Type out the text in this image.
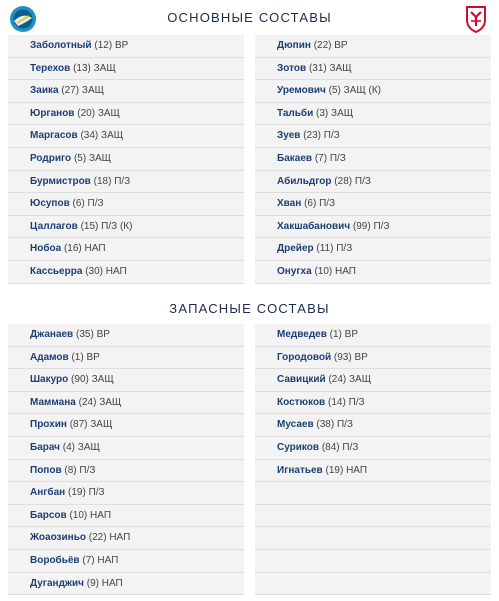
ОСНОВНЫЕ СОСТАВЫ
Заболотный (12) ВР
Терехов (13) ЗАЩ
Заика (27) ЗАЩ
Юрганов (20) ЗАЩ
Маргасов (34) ЗАЩ
Родриго (5) ЗАЩ
Бурмистров (18) П/З
Юсупов (6) П/З
Цаллагов (15) П/З (К)
Нобоа (16) НАП
Кассьерра (30) НАП
Дюпин (22) ВР
Зотов (31) ЗАЩ
Уремович (5) ЗАЩ (К)
Тальби (3) ЗАЩ
Зуев (23) П/З
Бакаев (7) П/З
Абильдгор (28) П/З
Хван (6) П/З
Хакшабанович (99) П/З
Дрейер (11) П/З
Онугха (10) НАП
ЗАПАСНЫЕ СОСТАВЫ
Джанаев (35) ВР
Адамов (1) ВР
Шакуро (90) ЗАЩ
Маммана (24) ЗАЩ
Прохин (87) ЗАЩ
Барач (4) ЗАЩ
Попов (8) П/З
Ангбан (19) П/З
Барсов (10) НАП
Жоаозиньо (22) НАП
Воробьёв (7) НАП
Дуганджич (9) НАП
Медведев (1) ВР
Городовой (93) ВР
Савицкий (24) ЗАЩ
Костюков (14) П/З
Мусаев (38) П/З
Суриков (84) П/З
Игнатьев (19) НАП
